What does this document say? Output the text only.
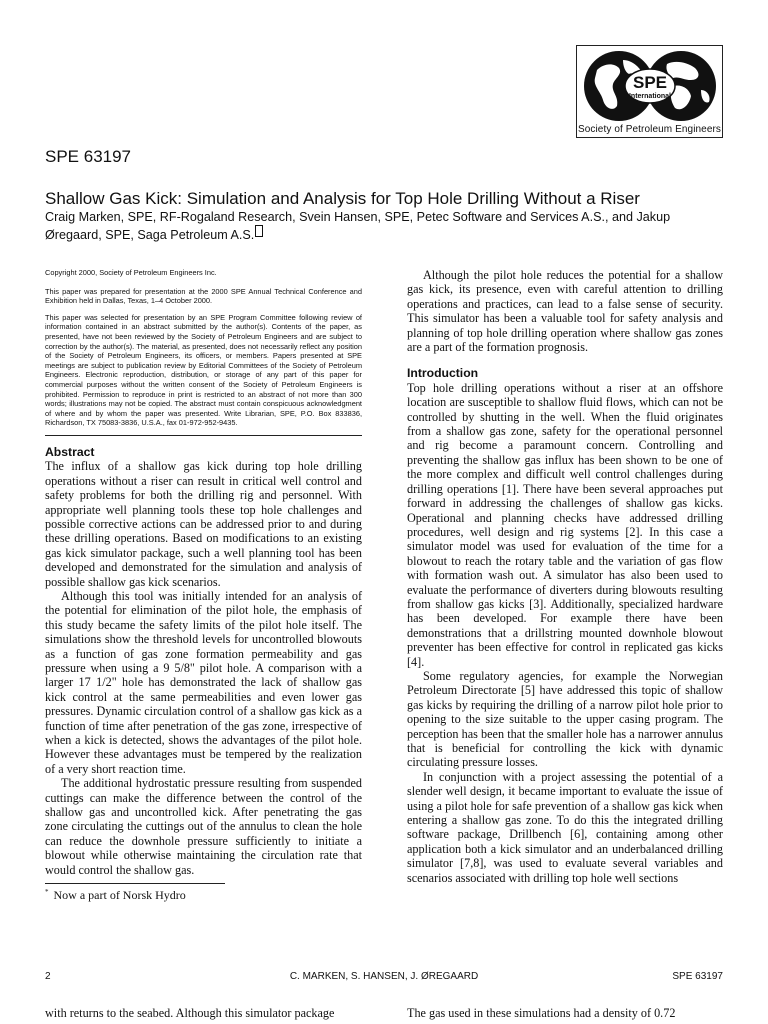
SPE
International
Society of Petroleum Engineers
SPE 63197
Shallow Gas Kick: Simulation and Analysis for Top Hole Drilling Without a Riser
Craig Marken, SPE, RF-Rogaland Research, Svein Hansen, SPE, Petec Software and Services A.S., and Jakup Øregaard, SPE, Saga Petroleum A.S.

Copyright 2000, Society of Petroleum Engineers Inc.

This paper was prepared for presentation at the 2000 SPE Annual Technical Conference and Exhibition held in Dallas, Texas, 1–4 October 2000.

This paper was selected for presentation by an SPE Program Committee following review of information contained in an abstract submitted by the author(s). Contents of the paper, as presented, have not been reviewed by the Society of Petroleum Engineers and are subject to correction by the author(s). The material, as presented, does not necessarily reflect any position of the Society of Petroleum Engineers, its officers, or members. Papers presented at SPE meetings are subject to publication review by Editorial Committees of the Society of Petroleum Engineers. Electronic reproduction, distribution, or storage of any part of this paper for commercial purposes without the written consent of the Society of Petroleum Engineers is prohibited. Permission to reproduce in print is restricted to an abstract of not more than 300 words; illustrations may not be copied. The abstract must contain conspicuous acknowledgment of where and by whom the paper was presented. Write Librarian, SPE, P.O. Box 833836, Richardson, TX 75083-3836, U.S.A., fax 01-972-952-9435.

Abstract

The influx of a shallow gas kick during top hole drilling operations without a riser can result in critical well control and safety problems for both the drilling rig and personnel. With appropriate well planning tools these top hole challenges and possible corrective actions can be addressed prior to and during these drilling operations. Based on modifications to an existing gas kick simulator package, such a well planning tool has been developed and demonstrated for the simulation and analysis of possible shallow gas kick scenarios.

Although this tool was initially intended for an analysis of the potential for elimination of the pilot hole, the emphasis of this study became the safety limits of the pilot hole itself. The simulations show the threshold levels for uncontrolled blowouts as a function of gas zone formation permeability and gas pressure when using a 9 5/8" pilot hole. A comparison with a larger 17 1/2" hole has demonstrated the lack of shallow gas kick control at the same permeabilities and even lower gas pressures. Dynamic circulation control of a shallow gas kick as a function of time after penetration of the gas zone, irrespective of when a kick is detected, shows the advantages of the pilot hole. However these advantages must be tempered by the realization of a very short reaction time.

The additional hydrostatic pressure resulting from suspended cuttings can make the difference between the control of the shallow gas and uncontrolled kick. After penetrating the gas zone circulating the cuttings out of the annulus to clean the hole can reduce the downhole pressure sufficiently to initiate a blowout while otherwise maintaining the circulation rate that would control the shallow gas.

Although the pilot hole reduces the potential for a shallow gas kick, its presence, even with careful attention to drilling operations and practices, can lead to a false sense of security. This simulator has been a valuable tool for safety analysis and planning of top hole drilling operation where shallow gas zones are a part of the formation prognosis.

Introduction

Top hole drilling operations without a riser at an offshore location are susceptible to shallow fluid flows, which can not be controlled by shutting in the well. When the fluid originates from a shallow gas zone, safety for the operational personnel and rig become a paramount concern. Controlling and preventing the shallow gas influx has been shown to be one of the more complex and difficult well control challenges during drilling operations [1]. There have been several approaches put forward in addressing the challenges of shallow gas kicks. Operational and planning checks have addressed drilling procedures, well design and rig systems [2]. In this case a simulator model was used for evaluation of the time for a blowout to reach the rotary table and the variation of gas flow with formation wash out. A simulator has also been used to evaluate the performance of diverters during blowouts resulting from shallow gas kicks [3]. Additionally, specialized hardware has been developed. For example there have been demonstrations that a drillstring mounted downhole blowout preventer has been effective for control in replicated gas kicks [4].

Some regulatory agencies, for example the Norwegian Petroleum Directorate [5] have addressed this topic of shallow gas kicks by requiring the drilling of a narrow pilot hole prior to opening to the size suitable to the upper casing program. The perception has been that the smaller hole has a narrower annulus that is beneficial for controlling the kick with dynamic circulating pressure losses.

In conjunction with a project assessing the potential of a slender well design, it became important to evaluate the issue of using a pilot hole for safe prevention of a shallow gas kick when entering a shallow gas zone. To do this the integrated drilling software package, Drillbench [6], containing among other application both a kick simulator and an underbalanced drilling simulator [7,8], was used to evaluate several variables and scenarios associated with drilling top hole well sections

* Now a part of Norsk Hydro
2	C. MARKEN, S. HANSEN, J. ØREGAARD	SPE 63197
with returns to the seabed. Although this simulator package	The gas used in these simulations had a density of 0.72
